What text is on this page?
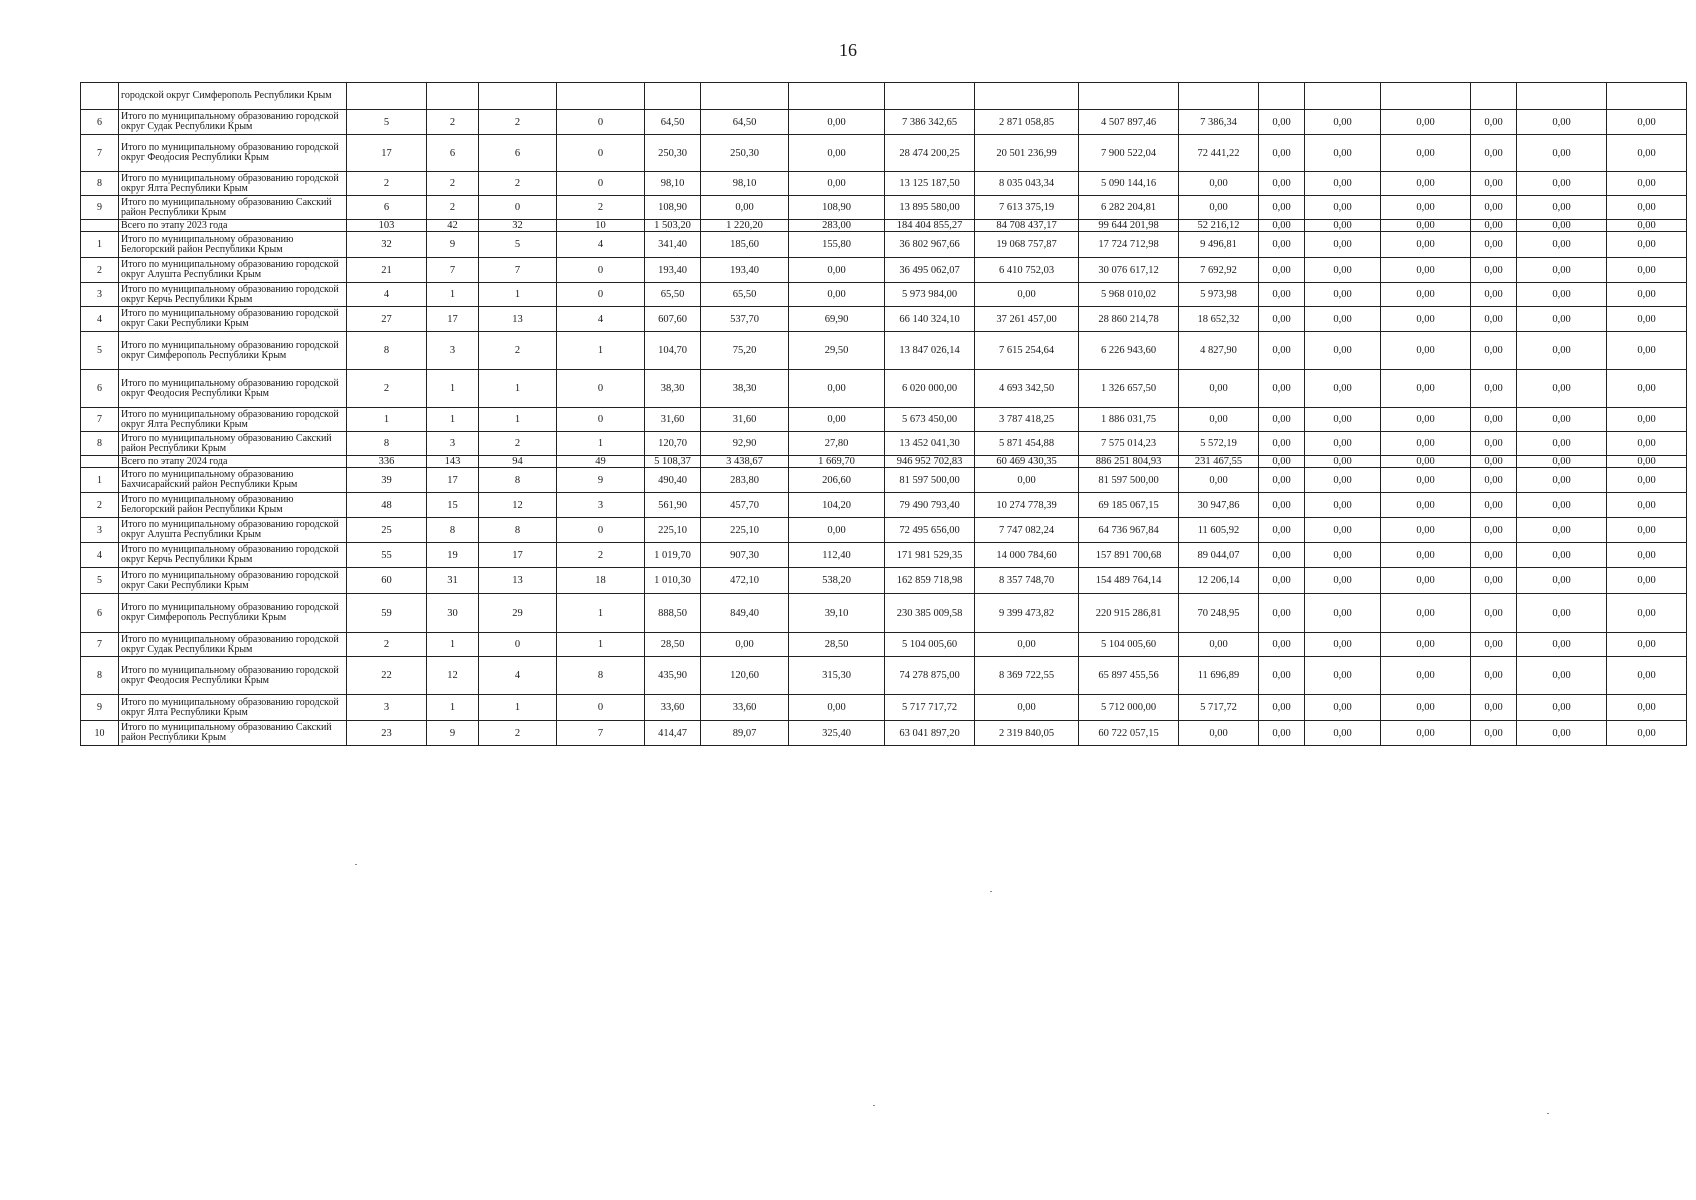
16
	городской округ Симферополь Республики Крым																	
6	Итого по муниципальному образованию городской округ Судак Республики Крым	5	2	2	0	64,50	64,50	0,00	7 386 342,65	2 871 058,85	4 507 897,46	7 386,34	0,00	0,00	0,00	0,00	0,00	0,00
7	Итого по муниципальному образованию городской округ Феодосия Республики Крым	17	6	6	0	250,30	250,30	0,00	28 474 200,25	20 501 236,99	7 900 522,04	72 441,22	0,00	0,00	0,00	0,00	0,00	0,00
8	Итого по муниципальному образованию городской округ Ялта Республики Крым	2	2	2	0	98,10	98,10	0,00	13 125 187,50	8 035 043,34	5 090 144,16	0,00	0,00	0,00	0,00	0,00	0,00	0,00
9	Итого по муниципальному образованию Сакский район Республики Крым	6	2	0	2	108,90	0,00	108,90	13 895 580,00	7 613 375,19	6 282 204,81	0,00	0,00	0,00	0,00	0,00	0,00	0,00
	Всего по этапу 2023 года	103	42	32	10	1 503,20	1 220,20	283,00	184 404 855,27	84 708 437,17	99 644 201,98	52 216,12	0,00	0,00	0,00	0,00	0,00	0,00
1	Итого по муниципальному образованию Белогорский район Республики Крым	32	9	5	4	341,40	185,60	155,80	36 802 967,66	19 068 757,87	17 724 712,98	9 496,81	0,00	0,00	0,00	0,00	0,00	0,00
2	Итого по муниципальному образованию городской округ Алушта Республики Крым	21	7	7	0	193,40	193,40	0,00	36 495 062,07	6 410 752,03	30 076 617,12	7 692,92	0,00	0,00	0,00	0,00	0,00	0,00
3	Итого по муниципальному образованию городской округ Керчь Республики Крым	4	1	1	0	65,50	65,50	0,00	5 973 984,00	0,00	5 968 010,02	5 973,98	0,00	0,00	0,00	0,00	0,00	0,00
4	Итого по муниципальному образованию городской округ Саки Республики Крым	27	17	13	4	607,60	537,70	69,90	66 140 324,10	37 261 457,00	28 860 214,78	18 652,32	0,00	0,00	0,00	0,00	0,00	0,00
5	Итого по муниципальному образованию городской округ Симферополь Республики Крым	8	3	2	1	104,70	75,20	29,50	13 847 026,14	7 615 254,64	6 226 943,60	4 827,90	0,00	0,00	0,00	0,00	0,00	0,00
6	Итого по муниципальному образованию городской округ Феодосия Республики Крым	2	1	1	0	38,30	38,30	0,00	6 020 000,00	4 693 342,50	1 326 657,50	0,00	0,00	0,00	0,00	0,00	0,00	0,00
7	Итого по муниципальному образованию городской округ Ялта Республики Крым	1	1	1	0	31,60	31,60	0,00	5 673 450,00	3 787 418,25	1 886 031,75	0,00	0,00	0,00	0,00	0,00	0,00	0,00
8	Итого по муниципальному образованию Сакский район Республики Крым	8	3	2	1	120,70	92,90	27,80	13 452 041,30	5 871 454,88	7 575 014,23	5 572,19	0,00	0,00	0,00	0,00	0,00	0,00
	Всего по этапу 2024 года	336	143	94	49	5 108,37	3 438,67	1 669,70	946 952 702,83	60 469 430,35	886 251 804,93	231 467,55	0,00	0,00	0,00	0,00	0,00	0,00
1	Итого по муниципальному образованию Бахчисарайский район Республики Крым	39	17	8	9	490,40	283,80	206,60	81 597 500,00	0,00	81 597 500,00	0,00	0,00	0,00	0,00	0,00	0,00	0,00
2	Итого по муниципальному образованию Белогорский район Республики Крым	48	15	12	3	561,90	457,70	104,20	79 490 793,40	10 274 778,39	69 185 067,15	30 947,86	0,00	0,00	0,00	0,00	0,00	0,00
3	Итого по муниципальному образованию городской округ Алушта Республики Крым	25	8	8	0	225,10	225,10	0,00	72 495 656,00	7 747 082,24	64 736 967,84	11 605,92	0,00	0,00	0,00	0,00	0,00	0,00
4	Итого по муниципальному образованию городской округ Керчь Республики Крым	55	19	17	2	1 019,70	907,30	112,40	171 981 529,35	14 000 784,60	157 891 700,68	89 044,07	0,00	0,00	0,00	0,00	0,00	0,00
5	Итого по муниципальному образованию городской округ Саки Республики Крым	60	31	13	18	1 010,30	472,10	538,20	162 859 718,98	8 357 748,70	154 489 764,14	12 206,14	0,00	0,00	0,00	0,00	0,00	0,00
6	Итого по муниципальному образованию городской округ Симферополь Республики Крым	59	30	29	1	888,50	849,40	39,10	230 385 009,58	9 399 473,82	220 915 286,81	70 248,95	0,00	0,00	0,00	0,00	0,00	0,00
7	Итого по муниципальному образованию городской округ Судак Республики Крым	2	1	0	1	28,50	0,00	28,50	5 104 005,60	0,00	5 104 005,60	0,00	0,00	0,00	0,00	0,00	0,00	0,00
8	Итого по муниципальному образованию городской округ Феодосия Республики Крым	22	12	4	8	435,90	120,60	315,30	74 278 875,00	8 369 722,55	65 897 455,56	11 696,89	0,00	0,00	0,00	0,00	0,00	0,00
9	Итого по муниципальному образованию городской округ Ялта Республики Крым	3	1	1	0	33,60	33,60	0,00	5 717 717,72	0,00	5 712 000,00	5 717,72	0,00	0,00	0,00	0,00	0,00	0,00
10	Итого по муниципальному образованию Сакский район Республики Крым	23	9	2	7	414,47	89,07	325,40	63 041 897,20	2 319 840,05	60 722 057,15	0,00	0,00	0,00	0,00	0,00	0,00	0,00
